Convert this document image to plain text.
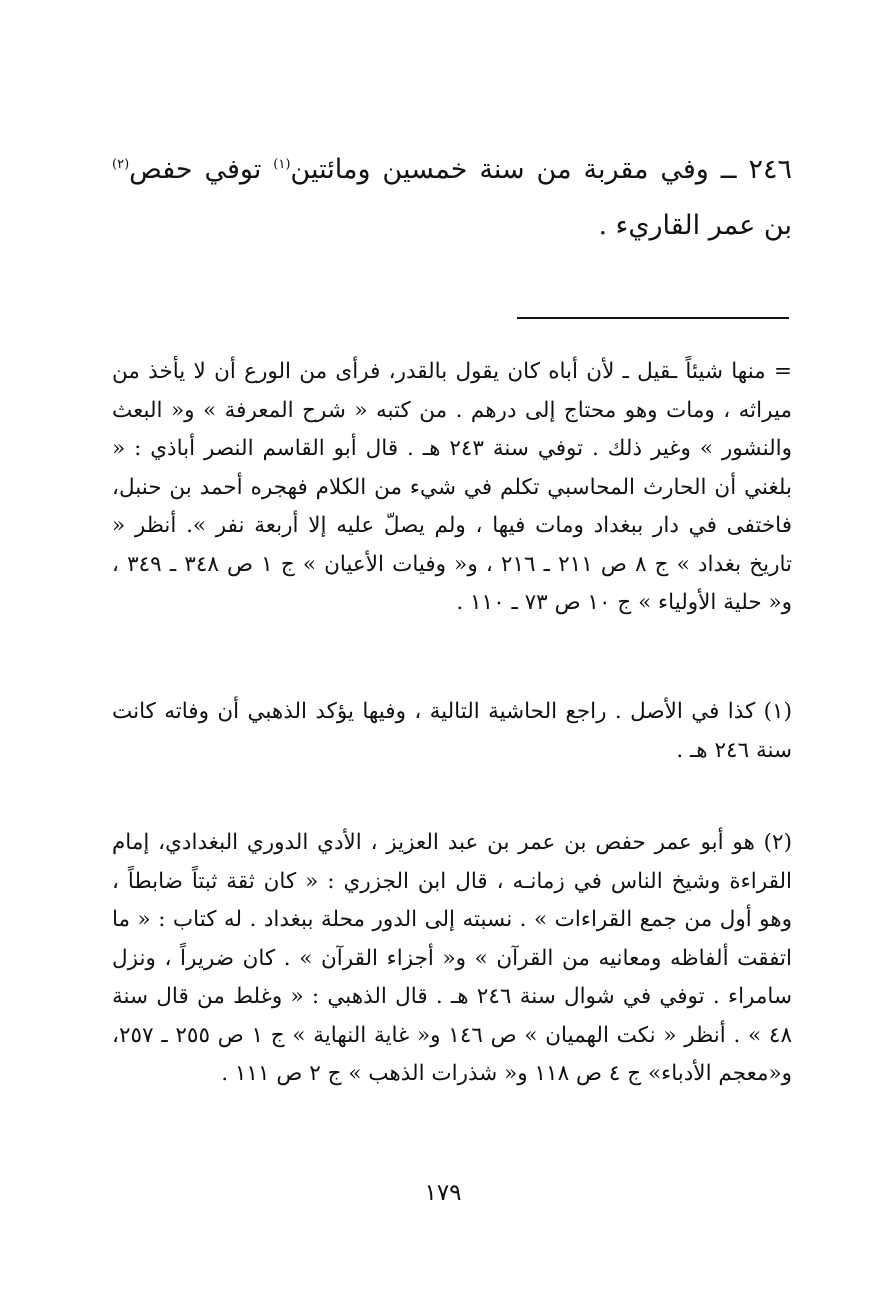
٢٤٦ ــ وفي مقربة من سنة خمسين ومائتين$^{(١)}$ توفي حفص$^{(٢)}$ بن عمر القاريء .

= منها شيئاً ـقيل ـ لأن أباه كان يقول بالقدر، فرأى من الورع أن لا يأخذ من ميراثه ، ومات وهو محتاج إلى درهم . من كتبه « شرح المعرفة » و« البعث والنشور » وغير ذلك . توفي سنة ٢٤٣ هـ . قال أبو القاسم النصر أباذي : « بلغني أن الحارث المحاسبي تكلم في شيء من الكلام فهجره أحمد بن حنبل، فاختفى في دار ببغداد ومات فيها ، ولم يصلّ عليه إلا أربعة نفر ». أنظر « تاريخ بغداد » ج ٨ ص ٢١١ ـ ٢١٦ ، و« وفيات الأعيان » ج ١ ص ٣٤٨ ـ ٣٤٩ ، و« حلية الأولياء » ج ١٠ ص ٧٣ ـ ١١٠ .

(١) كذا في الأصل . راجع الحاشية التالية ، وفيها يؤكد الذهبي أن وفاته كانت سنة ٢٤٦ هـ .

(٢) هو أبو عمر حفص بن عمر بن عبد العزيز ، الأدي الدوري البغدادي، إمام القراءة وشيخ الناس في زمانـه ، قال ابن الجزري : « كان ثقة ثبتاً ضابطاً ، وهو أول من جمع القراءات » . نسبته إلى الدور محلة ببغداد . له كتاب : « ما اتفقت ألفاظه ومعانيه من القرآن » و« أجزاء القرآن » . كان ضريراً ، ونزل سامراء . توفي في شوال سنة ٢٤٦ هـ . قال الذهبي : « وغلط من قال سنة ٤٨ » . أنظر « نكت الهميان » ص ١٤٦ و« غاية النهاية » ج ١ ص ٢٥٥ ـ ٢٥٧، و«معجم الأدباء» ج ٤ ص ١١٨ و« شذرات الذهب » ج ٢ ص ١١١ .

١٧٩
